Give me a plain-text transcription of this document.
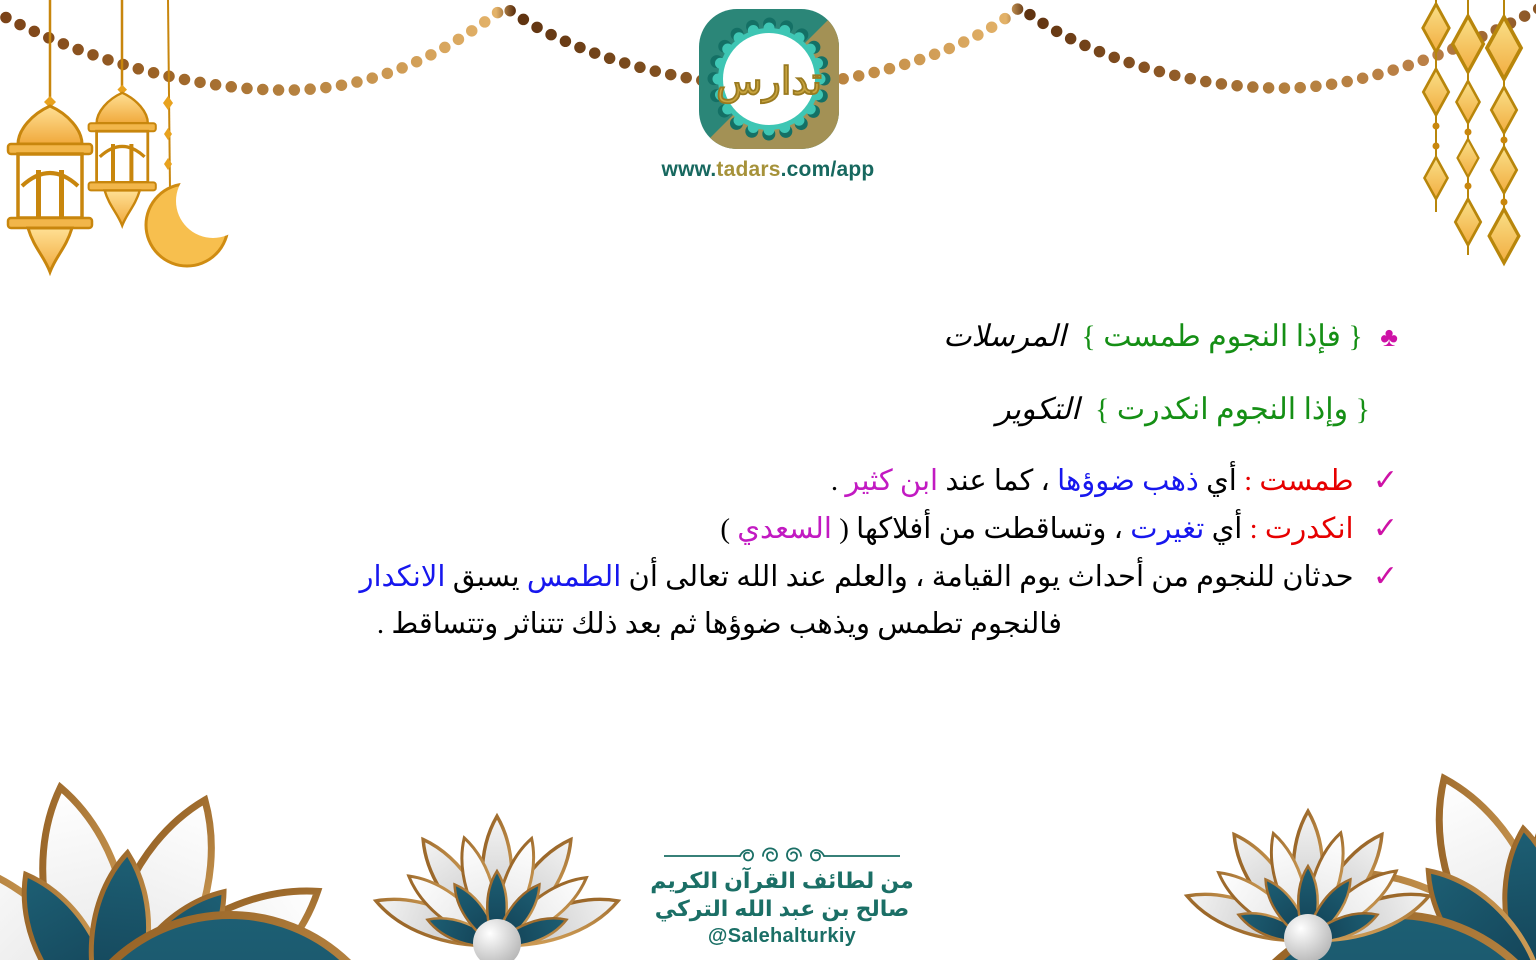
تدارس
www.tadars.com/app
♣ { فإذا النجوم طمست } المرسلات
{ وإذا النجوم انكدرت } التكوير
✓ طمست : أي ذهب ضوؤها ، كما عند ابن كثير .
✓ انكدرت : أي تغيرت ، وتساقطت من أفلاكها ( السعدي )
✓ حدثان للنجوم من أحداث يوم القيامة ، والعلم عند الله تعالى أن الطمس يسبق الانكدار
فالنجوم تطمس ويذهب ضوؤها ثم بعد ذلك تتناثر وتتساقط .
من لطائف القرآن الكريم
صالح بن عبد الله التركي
@Salehalturkiy
